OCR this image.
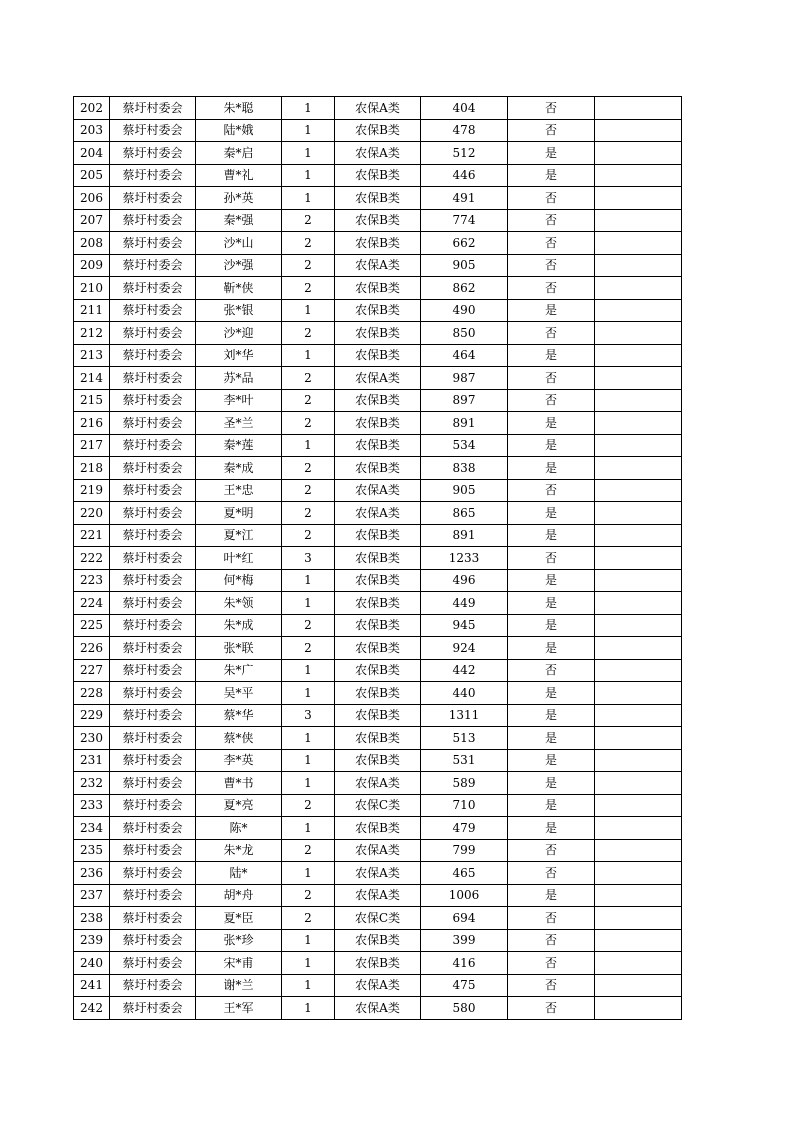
202	蔡圩村委会	朱*聪	1	农保A类	404	否	
203	蔡圩村委会	陆*娥	1	农保B类	478	否	
204	蔡圩村委会	秦*启	1	农保A类	512	是	
205	蔡圩村委会	曹*礼	1	农保B类	446	是	
206	蔡圩村委会	孙*英	1	农保B类	491	否	
207	蔡圩村委会	秦*强	2	农保B类	774	否	
208	蔡圩村委会	沙*山	2	农保B类	662	否	
209	蔡圩村委会	沙*强	2	农保A类	905	否	
210	蔡圩村委会	靳*侠	2	农保B类	862	否	
211	蔡圩村委会	张*银	1	农保B类	490	是	
212	蔡圩村委会	沙*迎	2	农保B类	850	否	
213	蔡圩村委会	刘*华	1	农保B类	464	是	
214	蔡圩村委会	苏*品	2	农保A类	987	否	
215	蔡圩村委会	李*叶	2	农保B类	897	否	
216	蔡圩村委会	圣*兰	2	农保B类	891	是	
217	蔡圩村委会	秦*莲	1	农保B类	534	是	
218	蔡圩村委会	秦*成	2	农保B类	838	是	
219	蔡圩村委会	王*忠	2	农保A类	905	否	
220	蔡圩村委会	夏*明	2	农保A类	865	是	
221	蔡圩村委会	夏*江	2	农保B类	891	是	
222	蔡圩村委会	叶*红	3	农保B类	1233	否	
223	蔡圩村委会	何*梅	1	农保B类	496	是	
224	蔡圩村委会	朱*领	1	农保B类	449	是	
225	蔡圩村委会	朱*成	2	农保B类	945	是	
226	蔡圩村委会	张*联	2	农保B类	924	是	
227	蔡圩村委会	朱*广	1	农保B类	442	否	
228	蔡圩村委会	吴*平	1	农保B类	440	是	
229	蔡圩村委会	蔡*华	3	农保B类	1311	是	
230	蔡圩村委会	蔡*侠	1	农保B类	513	是	
231	蔡圩村委会	李*英	1	农保B类	531	是	
232	蔡圩村委会	曹*书	1	农保A类	589	是	
233	蔡圩村委会	夏*亮	2	农保C类	710	是	
234	蔡圩村委会	陈*	1	农保B类	479	是	
235	蔡圩村委会	朱*龙	2	农保A类	799	否	
236	蔡圩村委会	陆*	1	农保A类	465	否	
237	蔡圩村委会	胡*舟	2	农保A类	1006	是	
238	蔡圩村委会	夏*臣	2	农保C类	694	否	
239	蔡圩村委会	张*珍	1	农保B类	399	否	
240	蔡圩村委会	宋*甫	1	农保B类	416	否	
241	蔡圩村委会	谢*兰	1	农保A类	475	否	
242	蔡圩村委会	王*军	1	农保A类	580	否	
